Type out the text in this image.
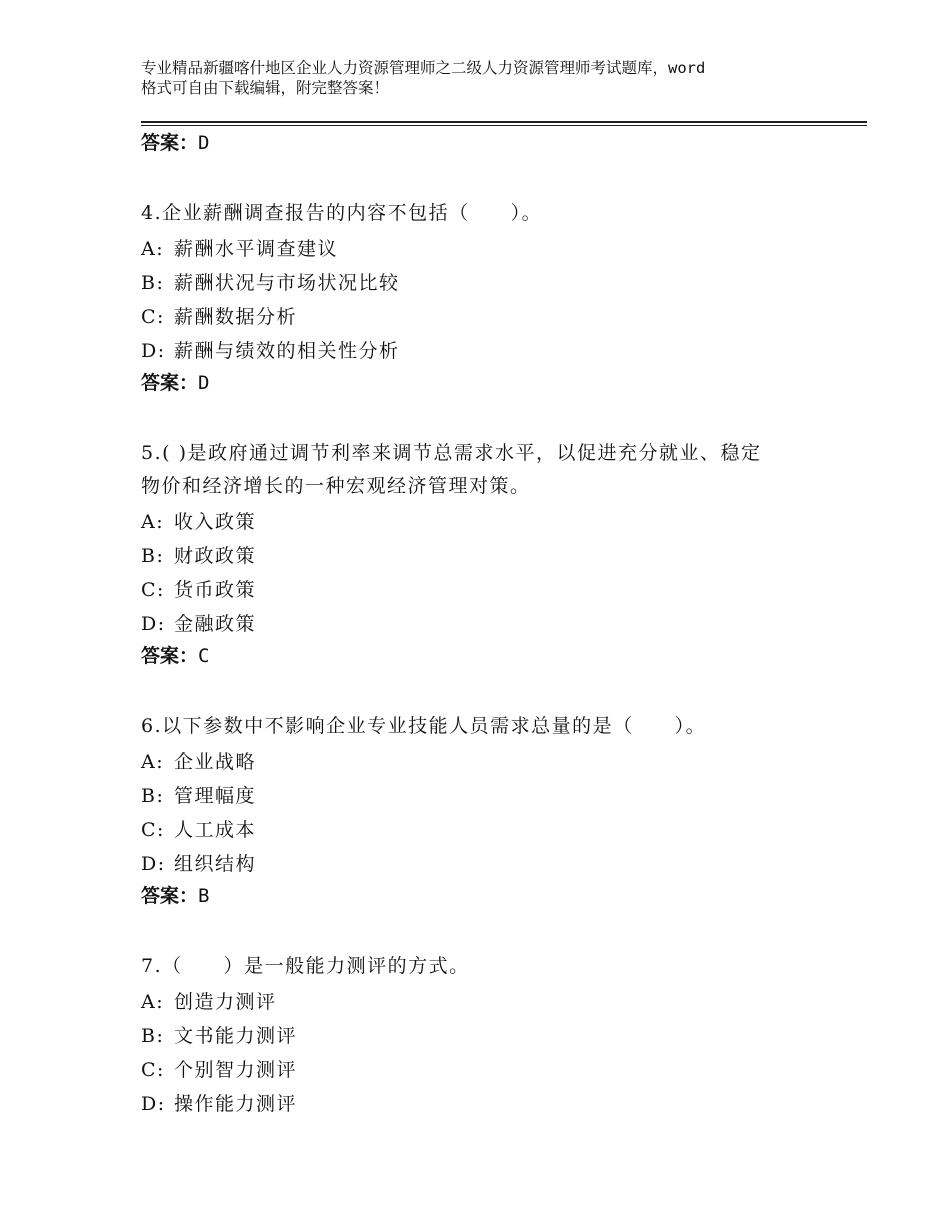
专业精品新疆喀什地区企业人力资源管理师之二级人力资源管理师考试题库，word
格式可自由下载编辑，附完整答案！
答案：D
4.企业薪酬调查报告的内容不包括（　　）。
A: 薪酬水平调查建议
B: 薪酬状况与市场状况比较
C: 薪酬数据分析
D: 薪酬与绩效的相关性分析
答案：D
5.( )是政府通过调节利率来调节总需求水平，以促进充分就业、稳定
物价和经济增长的一种宏观经济管理对策。
A: 收入政策
B: 财政政策
C: 货币政策
D: 金融政策
答案：C
6.以下参数中不影响企业专业技能人员需求总量的是（　　）。
A: 企业战略
B: 管理幅度
C: 人工成本
D: 组织结构
答案：B
7.（　　）是一般能力测评的方式。
A: 创造力测评
B: 文书能力测评
C: 个别智力测评
D: 操作能力测评
